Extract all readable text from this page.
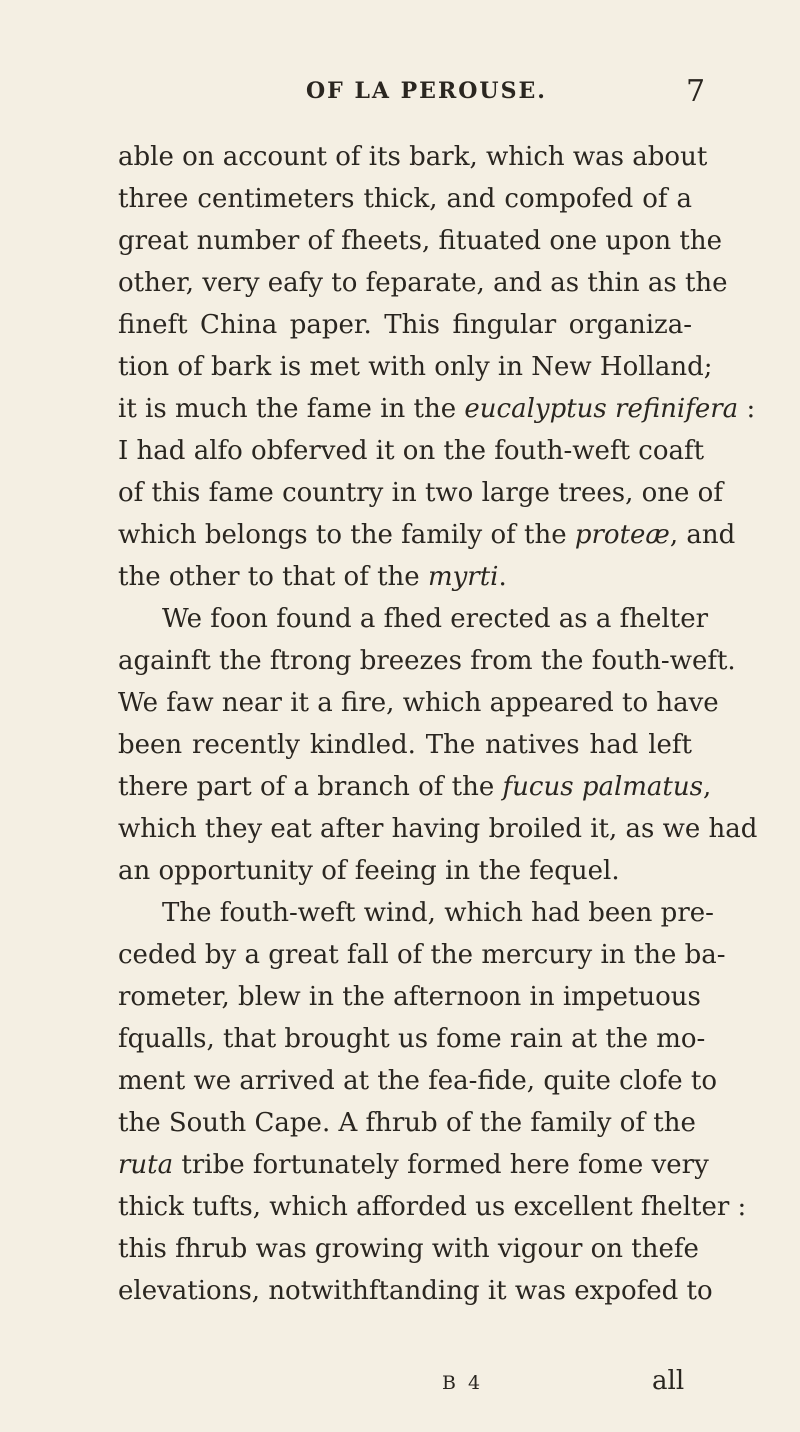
OF LA PEROUSE.	7
able on account of its bark, which was about
three centimeters thick, and compofed of a
great number of fheets, fituated one upon the
other, very eafy to feparate, and as thin as the
fineft China paper. This fingular organiza-
tion of bark is met with only in New Holland;
it is much the fame in the eucalyptus refinifera :
I had alfo obferved it on the fouth-weft coaft
of this fame country in two large trees, one of
which belongs to the family of the proteæ, and
the other to that of the myrti.
We foon found a fhed erected as a fhelter
againft the ftrong breezes from the fouth-weft.
We faw near it a fire, which appeared to have
been recently kindled. The natives had left
there part of a branch of the fucus palmatus,
which they eat after having broiled it, as we had
an opportunity of feeing in the fequel.
The fouth-weft wind, which had been pre-
ceded by a great fall of the mercury in the ba-
rometer, blew in the afternoon in impetuous
fqualls, that brought us fome rain at the mo-
ment we arrived at the fea-fide, quite clofe to
the South Cape. A fhrub of the family of the
ruta tribe fortunately formed here fome very
thick tufts, which afforded us excellent fhelter :
this fhrub was growing with vigour on thefe
elevations, notwithftanding it was expofed to
B 4	all
